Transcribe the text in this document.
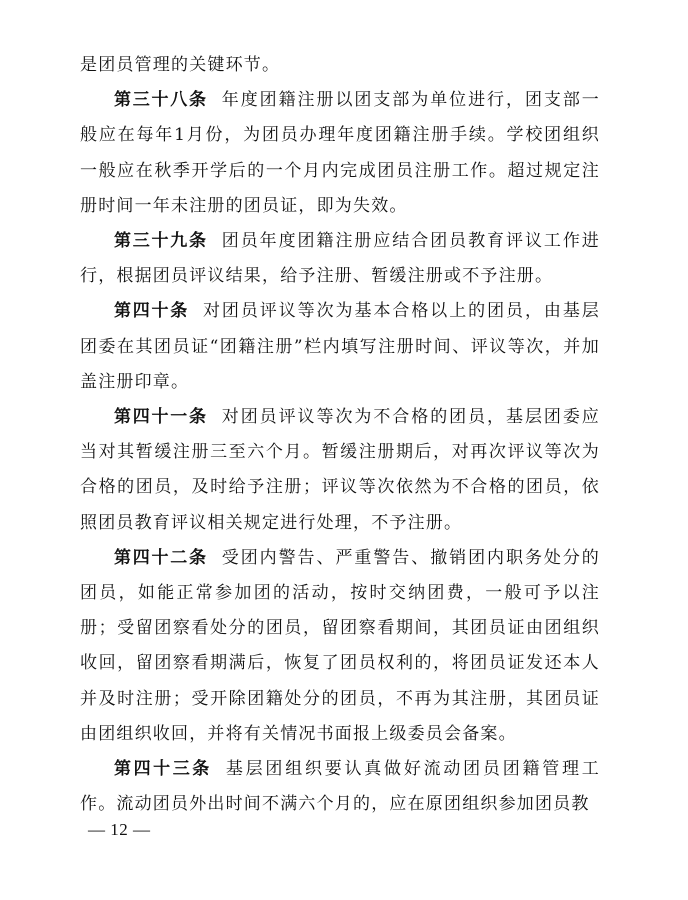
是团员管理的关键环节。

第三十八条 年度团籍注册以团支部为单位进行，团支部一般应在每年1月份，为团员办理年度团籍注册手续。学校团组织一般应在秋季开学后的一个月内完成团员注册工作。超过规定注册时间一年未注册的团员证，即为失效。

第三十九条 团员年度团籍注册应结合团员教育评议工作进行，根据团员评议结果，给予注册、暂缓注册或不予注册。

第四十条 对团员评议等次为基本合格以上的团员，由基层团委在其团员证“团籍注册”栏内填写注册时间、评议等次，并加盖注册印章。

第四十一条 对团员评议等次为不合格的团员，基层团委应当对其暂缓注册三至六个月。暂缓注册期后，对再次评议等次为合格的团员，及时给予注册；评议等次依然为不合格的团员，依照团员教育评议相关规定进行处理，不予注册。

第四十二条 受团内警告、严重警告、撤销团内职务处分的团员，如能正常参加团的活动，按时交纳团费，一般可予以注册；受留团察看处分的团员，留团察看期间，其团员证由团组织收回，留团察看期满后，恢复了团员权利的，将团员证发还本人并及时注册；受开除团籍处分的团员，不再为其注册，其团员证由团组织收回，并将有关情况书面报上级委员会备案。

第四十三条 基层团组织要认真做好流动团员团籍管理工作。流动团员外出时间不满六个月的，应在原团组织参加团员教

— 12 —
